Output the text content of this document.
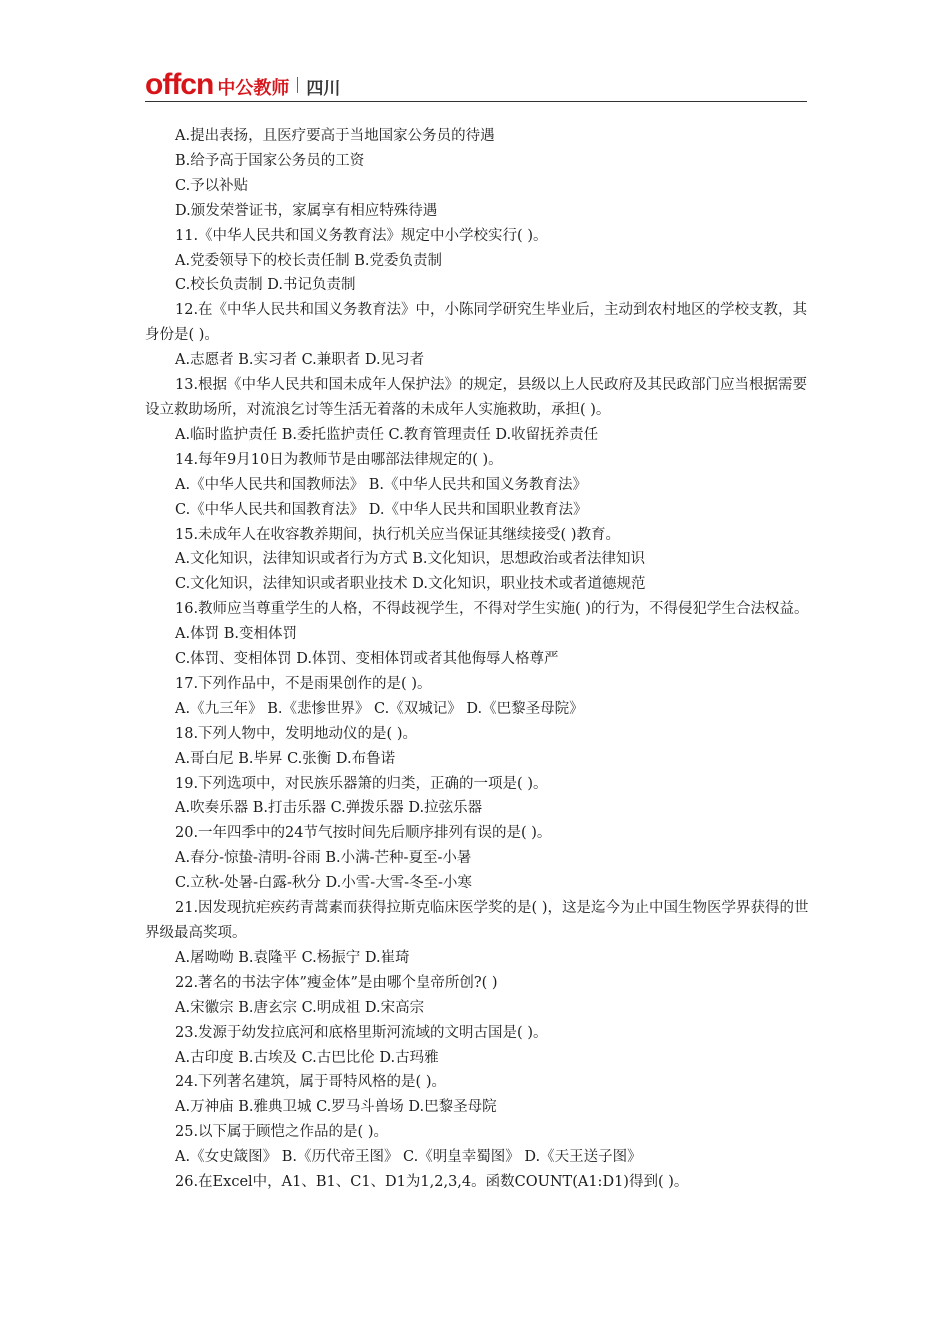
offcn 中公教师 四川
A.提出表扬，且医疗要高于当地国家公务员的待遇
B.给予高于国家公务员的工资
C.予以补贴
D.颁发荣誉证书，家属享有相应特殊待遇
11.《中华人民共和国义务教育法》规定中小学校实行( )。
A.党委领导下的校长责任制 B.党委负责制
C.校长负责制 D.书记负责制
12.在《中华人民共和国义务教育法》中，小陈同学研究生毕业后，主动到农村地区的学校支教，其身份是( )。
A.志愿者 B.实习者 C.兼职者 D.见习者
13.根据《中华人民共和国未成年人保护法》的规定，县级以上人民政府及其民政部门应当根据需要设立救助场所，对流浪乞讨等生活无着落的未成年人实施救助，承担( )。
A.临时监护责任 B.委托监护责任 C.教育管理责任 D.收留抚养责任
14.每年9月10日为教师节是由哪部法律规定的( )。
A.《中华人民共和国教师法》 B.《中华人民共和国义务教育法》
C.《中华人民共和国教育法》 D.《中华人民共和国职业教育法》
15.未成年人在收容教养期间，执行机关应当保证其继续接受( )教育。
A.文化知识，法律知识或者行为方式 B.文化知识，思想政治或者法律知识
C.文化知识，法律知识或者职业技术 D.文化知识，职业技术或者道德规范
16.教师应当尊重学生的人格，不得歧视学生，不得对学生实施( )的行为，不得侵犯学生合法权益。
A.体罚 B.变相体罚
C.体罚、变相体罚 D.体罚、变相体罚或者其他侮辱人格尊严
17.下列作品中，不是雨果创作的是( )。
A.《九三年》 B.《悲惨世界》 C.《双城记》 D.《巴黎圣母院》
18.下列人物中，发明地动仪的是( )。
A.哥白尼 B.毕昇 C.张衡 D.布鲁诺
19.下列选项中，对民族乐器箫的归类，正确的一项是( )。
A.吹奏乐器 B.打击乐器 C.弹拨乐器 D.拉弦乐器
20.一年四季中的24节气按时间先后顺序排列有误的是( )。
A.春分-惊蛰-清明-谷雨 B.小满-芒种-夏至-小暑
C.立秋-处暑-白露-秋分 D.小雪-大雪-冬至-小寒
21.因发现抗疟疾药青蒿素而获得拉斯克临床医学奖的是( )，这是迄今为止中国生物医学界获得的世界级最高奖项。
A.屠呦呦 B.袁隆平 C.杨振宁 D.崔琦
22.著名的书法字体”瘦金体”是由哪个皇帝所创?( )
A.宋徽宗 B.唐玄宗 C.明成祖 D.宋高宗
23.发源于幼发拉底河和底格里斯河流域的文明古国是( )。
A.古印度 B.古埃及 C.古巴比伦 D.古玛雅
24.下列著名建筑，属于哥特风格的是( )。
A.万神庙 B.雅典卫城 C.罗马斗兽场 D.巴黎圣母院
25.以下属于顾恺之作品的是( )。
A.《女史箴图》 B.《历代帝王图》 C.《明皇幸蜀图》 D.《天王送子图》
26.在Excel中，A1、B1、C1、D1为1,2,3,4。函数COUNT(A1:D1)得到( )。
